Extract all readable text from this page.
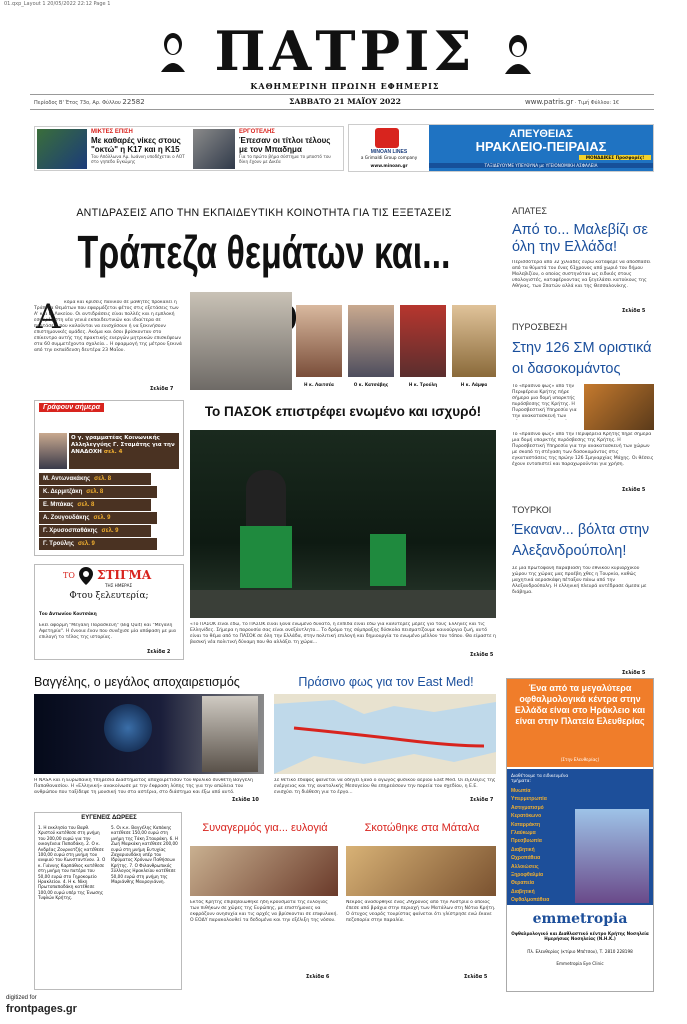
01.qxp_Layout 1 20/05/2022 22:12 Page 1
ΠΑΤΡΙΣ
ΚΑΘΗΜΕΡΙΝΗ ΠΡΩΙΝΗ ΕΦΗΜΕΡΙΣ
Περίοδος Β' Έτος 73ο, Αρ. Φύλλου 22582	ΣΑΒΒΑΤΟ 21 ΜΑΪΟΥ 2022	www.patris.gr · Τιμή Φύλλου: 1€
ΜΙΚΤΕΣ ΕΠΙΣΗ
Με καθαρές νίκες στους "οκτώ" η Κ17 και η Κ15
Του Απόλλωνα Αμ. Ιωάννη υποδέχεται ο ΑΟΤ στο γηπεδο Εγκώμης
ΕΡΓΟΤΕΛΗΣ
Έπεσαν οι τίτλοι τέλους με τον Μπαδημα
Για το πρώτο βήμα σύστημα το μποστό του δίκη έχουν με Δικέα
MINOAN LINES
a Grimaldi Group company
www.minoan.gr
ΑΠΕΥΘΕΙΑΣ
ΗΡΑΚΛΕΙΟ-ΠΕΙΡΑΙΑΣ
ΜΟΝΑΔΙΚΕΣ Προσφορές!
ΤΑΞΙΔΕΥΟΥΜΕ ΥΠΕΥΘΥΝΑ με ΥΓΕΙΟΝΟΜΙΚΗ ΑΣΦΑΛΕΙΑ
ΑΝΤΙΔΡΑΣΕΙΣ ΑΠΟ ΤΗΝ ΕΚΠΑΙΔΕΥΤΙΚΗ ΚΟΙΝΟΤΗΤΑ ΓΙΑ ΤΙΣ ΕΞΕΤΑΣΕΙΣ
Τράπεζα θεμάτων και...
Α κόμα και κρίσεις πανικού σε μαθητές προκαλεί η Τράπεζα Θεμάτων που εφαρμόζεται φέτος στις εξετάσεις των Α' και Β' Λυκείου. Οι αντιδράσεις είναι πολλές και η εμπλοκή εσφορές στη νέα γενιά εκπαιδευτικών και ιδιαίτερα σε προτάσεις που καλούνται να ενισχύσουν ή να ξεκινήσουν επιστημονικές ομάδες. Ακόμα και όσοι βρίσκονταν στο επίκεντρο αυτής της πρακτικής ενεργών μητρικών επισκέψεων στα 60 συμμετέχοντα σχολεία... Η εφαρμογή της μέτρου ξεκινά από την εκπαίδευση δευτέρα 23 Μαΐου.
Σελίδα 7
Η κ. Λαιτσέα	Ο κ. Κατσάβης	Η κ. Τρούλη	Η κ. Λάμψα
ΑΠΑΤΕΣ
Από το... Μαλεβίζι σε όλη την Ελλάδα!
Περισσότερα από 32 χιλιάδες ευρώ κατάφερε να αποσπάσει από τα θύματά του ένας 61χρονος από χωριό του δήμου Μαλεβιζίου, ο οποίος συστηνόταν ως ειδικός στους υπολογιστές, καταφέρνοντας να ξεγελάσει κατοίκους της Αθήνας, των Σπατών αλλά και της Θεσσαλονίκης.
Σελίδα 5
ΠΥΡΟΣΒΕΣΗ
Στην 126 ΣΜ οριστικά οι δασοκομάντος
Το «πράσινο φως» από την Περιφέρεια Κρήτης πήρε σήμερα μια δομή υπαρκτής πυρόσβεσης της Κρήτης. Η Πυροσβεστική Υπηρεσία για την ανακατασκευή των
Το «πράσινο φως» από την Περιφέρεια Κρήτης πήρε σήμερα μια δομή υπαρκτής πυρόσβεσης της Κρήτης. Η Πυροσβεστική Υπηρεσία για την ανακατασκευή των χώρων με σκοπό τη στέγαση των δασοκομάντος στις εγκαταστάσεις της πρώην 126 Σμηναρχίας Μάχης. Οι θέσεις έχουν εντοπιστεί και παραχωρούνται για χρήση.
Σελίδα 5
ΤΟΥΡΚΟΙ
Έκαναν... βόλτα στην Αλεξανδρούπολη!
Σε μία πρωτοφανή παραβίαση του εθνικού κυριαρχικού χώρου της χώρας μας προέβη χθες η Τουρκία, καθώς μαχητικά αεροσκάφη πέταξαν πάνω από την Αλεξανδρούπολη. Η ελληνική πλευρά αντέδρασε άμεσα με διάβημα.
Σελίδα 5
Ένα από τα μεγαλύτερα οφθαλμολογικά κέντρα στην Ελλάδα είναι στο Ηράκλειο και είναι στην Πλατεία Ελευθερίας
(Στην Ελευθερίας)
Διαθέτουμε τα ειδικευμένα τμήματα:
Μυωπία
Υπερμετρωπία
Αστιγματισμό
Κερατόκωνο
Καταρράκτη
Γλαύκωμα
Πρεσβυωπία
Διαβητική
Ωχροπάθεια
Αλλοιώσεις
Ξηροφθαλμία
Θεραπεία
Διαβητική Οφθαλμοπάθεια
emmetropia
Οφθαλμολογικό και Διαθλαστικό κέντρο Κρήτης Νοσηλεία Ημερήσιας Νοσηλείας (Ν.Η.Κ.)
Πλ. Ελευθερίας (κτίριο Μπέτσου), Τ. 2810 228198
Emmetropia Eye Clinic
Γράφουν σήμερα
Ο γ. γραμματέας Κοινωνικής Αλληλεγγύης Γ. Σταμάτης για την ΑΝΑΔΟΧΗ σελ. 4
Μ. Αντωνακάκης σελ. 8
Κ. Δερμιτζάκη σελ. 8
Ε. Μπάκας σελ. 8
Α. Ζουγουδάκης σελ. 9
Γ. Χρυσοσπαθάκης σελ. 9
Γ. Τρούλης σελ. 9
ΤΟ ΣΤΙΓΜΑ
ΤΗΣ ΗΜΕΡΑΣ
Φτου ξελευτερία;
Του Αντωνίου Κουτσάκη
Εκεί αφορμή "Μεγάλη Παρασκευή" (Big Quit) και "Μεγάλη Αφετηρία". Η έννοια έναν που συνέχισε μία απόφαση με μια επιλογή το τέλος της ιστορίας.
Σελίδα 2
Το ΠΑΣΟΚ επιστρέφει ενωμένο και ισχυρό!
«Το ΠΑΣΟΚ είναι εδώ, το ΠΑΣΟΚ είναι ξανά ενωμένο δυνατό, η ελπίδα είναι εδώ για καλύτερες μέρες για τους Έλληνες και τις Ελληνίδες. Σήμερα η παρουσία σας είναι ανεξάντλητο... Το δρόμο της σύμπραξης δύσκολα πεισματίζουμε καινούργια ζωή, αυτό είναι το θέμα από το ΠΑΣΟΚ σε όλη την Ελλάδα, στην πολιτική επιλογή και δημιουργία το ενωμένο μέλλον του τόπου. Θα είμαστε η βασική νέα πολιτική δύναμη που θα αλλάξει τη χώρα...
Σελίδα 5
Βαγγέλης, ο μεγάλος αποχαιρετισμός
Η NASA και η Ευρωπαϊκή Υπηρεσία Διαστήματος αποχαιρετίσαν τον θρυλικό συνθέτη Βαγγέλη Παπαθανασίου. Η «Ελληνική» ανακοίνωσε με την έκφραση λύπης της για την απώλεια του ανθρώπου που ταξίδεψε τη μουσική του στα αστέρια, στο διάστημα και έξω από αυτό.
Σελίδα 10
Πράσινο φως για τον East Med!
Σε θετικό έδαφος φαίνεται να οδηγεί ξανά ο αγωγός φυσικού αερίου East Med. Οι εξελίξεις της ενέργειας και της ανατολικής Μεσογείου θα επηρεάσουν την πορεία του σχεδίου, η Ε.Ε. ενισχύει τη διάθεση για το έργο...
Σελίδα 7
ΕΥΓΕΝΕΙΣ ΔΩΡΕΕΣ
1. Η εκκλησία του Βαρθ. Χριστού κατέθεσε στη μνήμη του 200,00 ευρώ για την οικογένεια Παπαδάκη. 2. Ο κ. Ανδρέας Ζουρνατζής κατέθεσε 100,00 ευρώ στη μνήμη του ανιψιού του Κωνσταντίνου. 3. Ο κ. Γιάννης Καρπάθιος κατέθεσε στη μνήμη του πατέρα του 50,00 ευρώ στο Γηροκομείο Ηρακλείου. 4. Η κ. Νίκη Πρωτοπαπαδάκη κατέθεσε 100,00 ευρώ υπέρ της Ένωσης Τυφλών Κρήτης.
5. Οι κ.κ. Βαγγέλης Καπάκης κατέθεσε 150,00 ευρώ στη μνήμη της Τάκη Σταυράκη. 6. Η Ζωή Μαρκάκη κατέθεσε 200,00 ευρώ στη μνήμη Ευτυχίας Ζαχαριουδάκη υπέρ του Ιδρύματος Χρόνιων Παθήσεων Κρήτης. 7. Ο Φιλανθρωπικός Σύλλογος Ηρακλείου κατέθεσε 50,00 ευρώ στη μνήμη της Μαριάνθης Μαυρογιάννη.
Συναγερμός για... ευλογιά
Εκτός Κρήτης επιβεβαιώθηκε ήδη κρούσματα της ευλογιάς των πιθήκων σε χώρες της Ευρώπης, με επιστήμονες να εκφράζουν ανησυχία και τις αρχές να βρίσκονται σε επιφυλακή. Ο ΕΟΔΥ παρακολουθεί τα δεδομένα και την εξέλιξη της νόσου.
Σελίδα 6
Σκοτώθηκε στα Μάταλα
Νεκρός ανασύρθηκε ένας 29χρονος από την Αυστρία ο οποίος έπεσε από βράχια στην περιοχή των Ματάλων στη Νότια Κρήτη. Ο άτυχος νεαρός τουρίστας φαίνεται ότι γλίστρησε ενώ έκανε πεζοπορία στην παραλία.
Σελίδα 5
digitized for
frontpages.gr
